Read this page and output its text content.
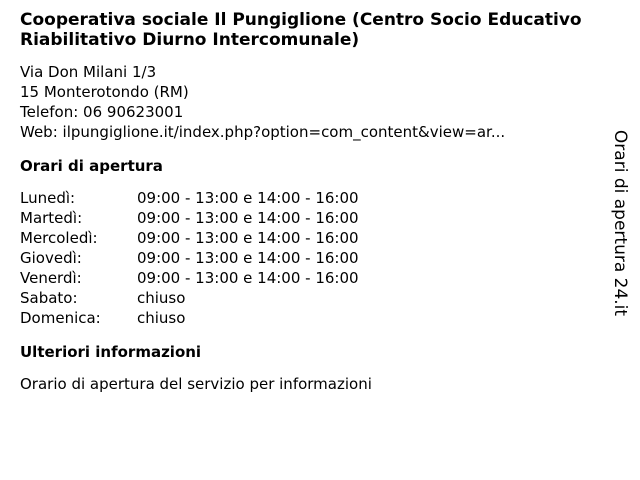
Cooperativa sociale Il Pungiglione (Centro Socio Educativo Riabilitativo Diurno Intercomunale)
Via Don Milani 1/3
15 Monterotondo (RM)
Telefon: 06 90623001
Web: ilpungiglione.it/index.php?option=com_content&view=ar...
Orari di apertura
Lunedì:	09:00 - 13:00 e 14:00 - 16:00
Martedì:	09:00 - 13:00 e 14:00 - 16:00
Mercoledì:	09:00 - 13:00 e 14:00 - 16:00
Giovedì:	09:00 - 13:00 e 14:00 - 16:00
Venerdì:	09:00 - 13:00 e 14:00 - 16:00
Sabato:	chiuso
Domenica:	chiuso
Ulteriori informazioni
Orario di apertura del servizio per informazioni
Orari di apertura 24.it
